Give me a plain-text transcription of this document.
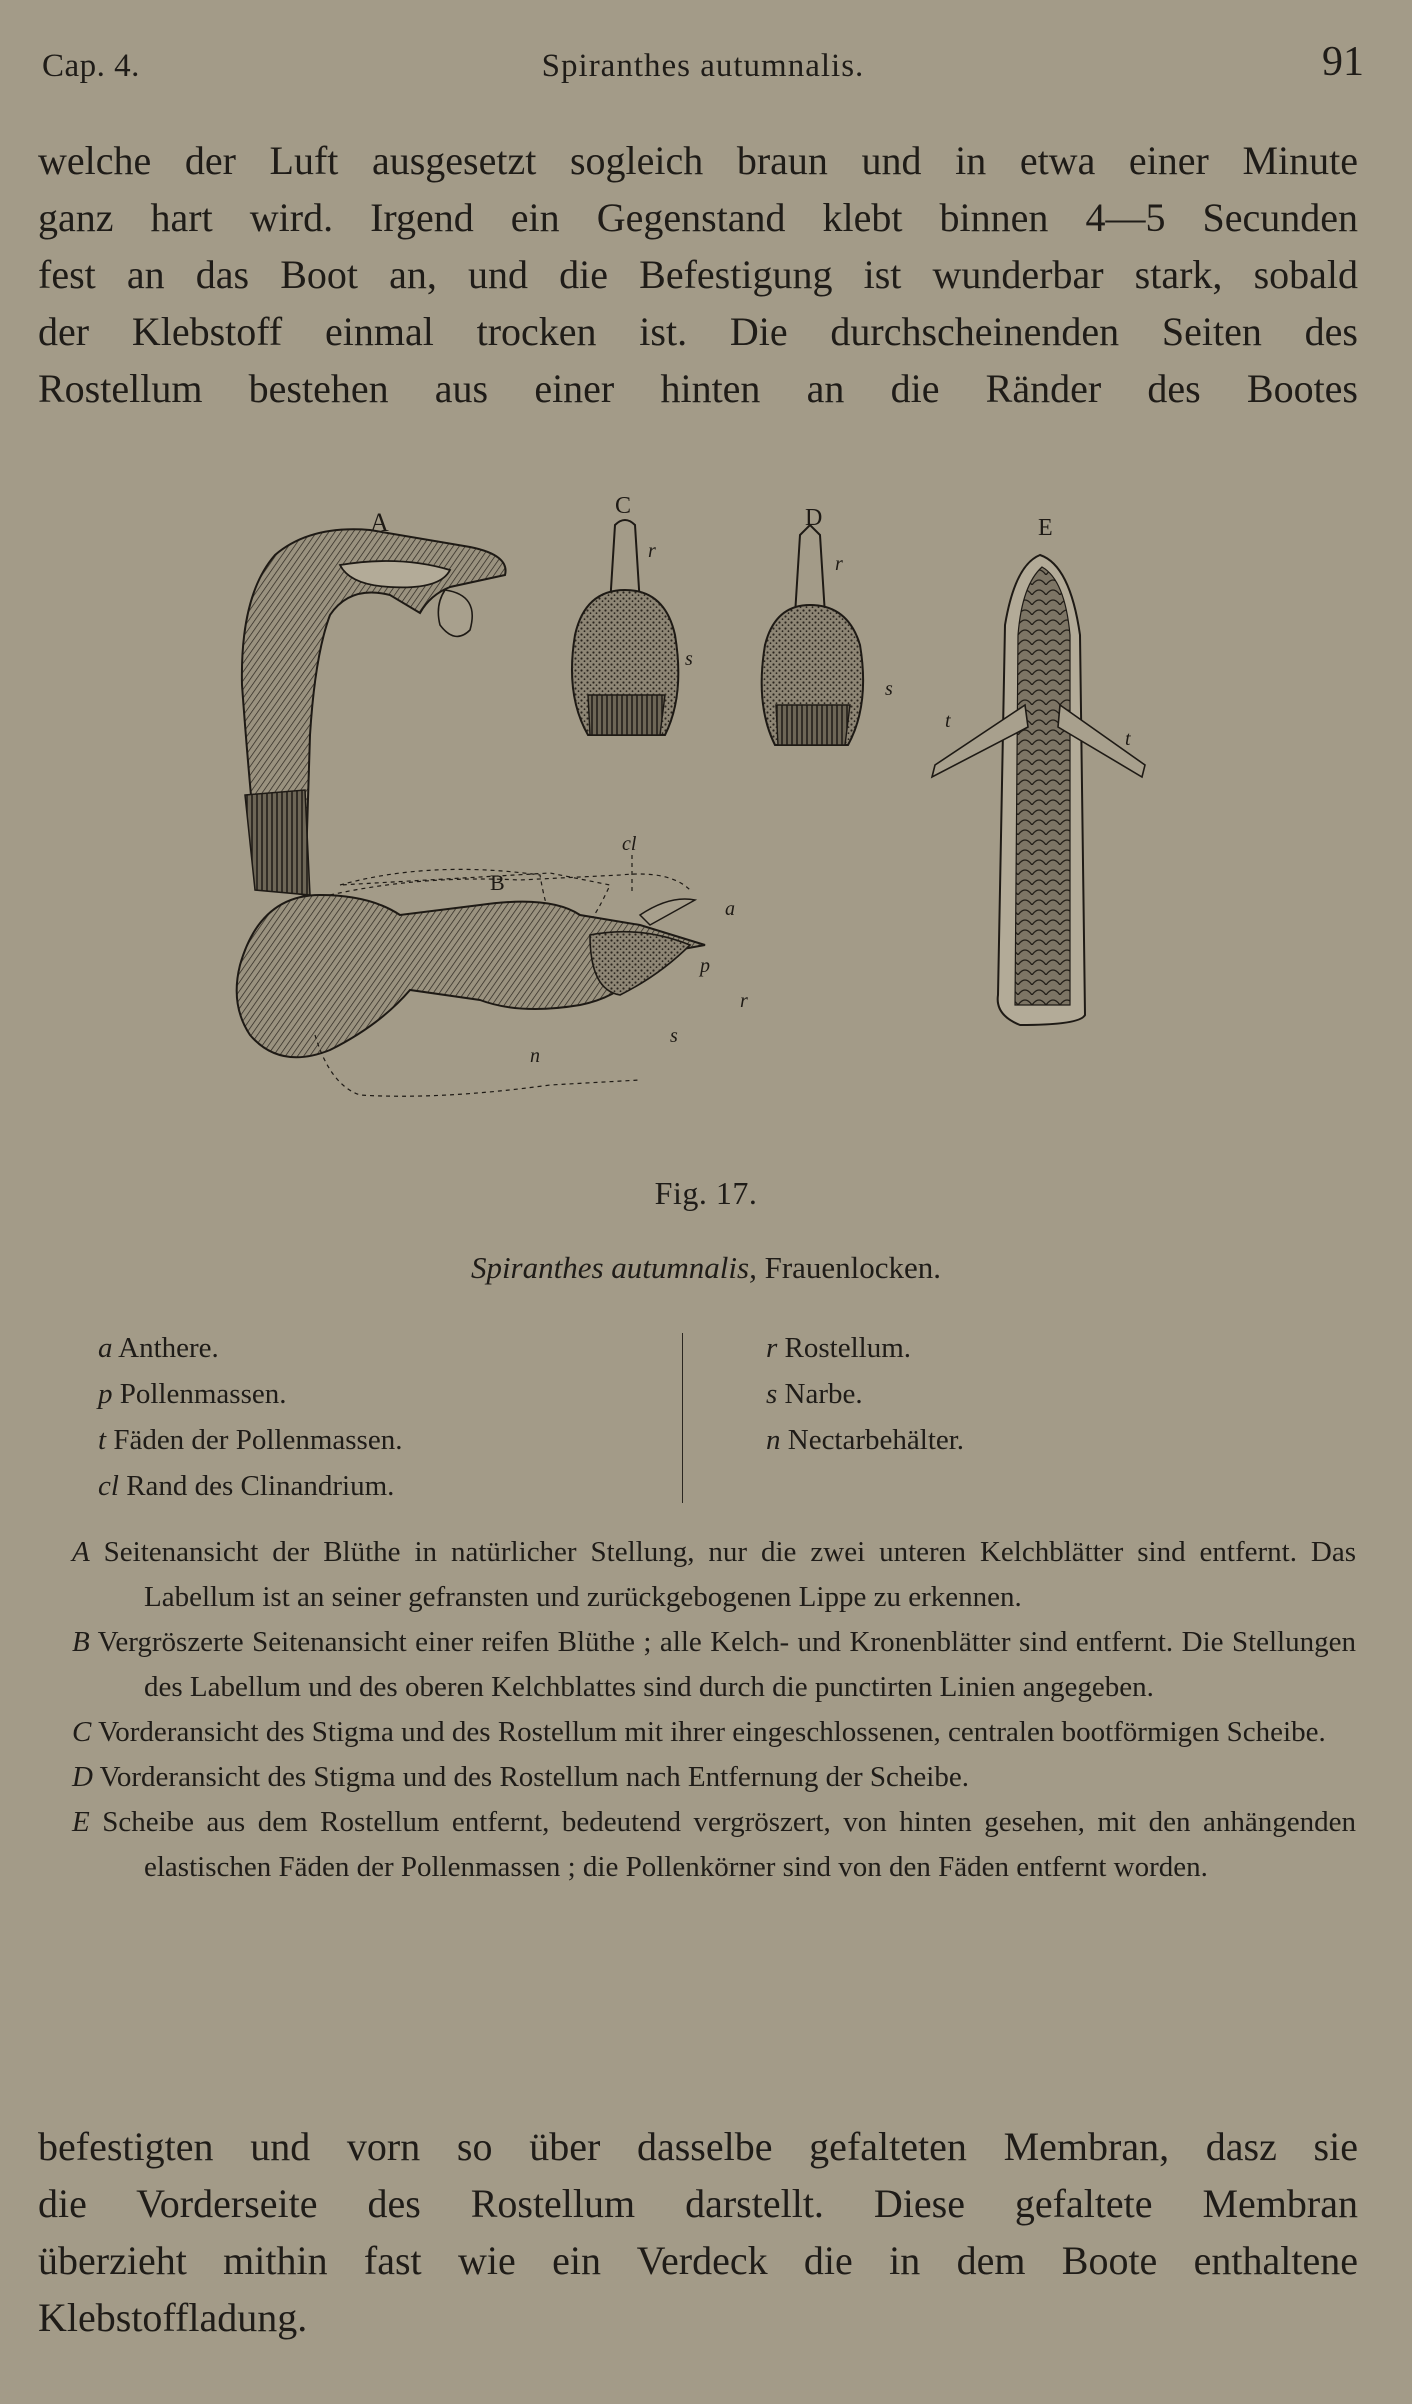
Cap. 4.	Spiranthes autumnalis.	91
welche der Luft ausgesetzt sogleich braun und in etwa einer Minute
ganz hart wird. Irgend ein Gegenstand klebt binnen 4—5 Secunden
fest an das Boot an, und die Befestigung ist wunderbar stark, sobald
der Klebstoff einmal trocken ist. Die durchscheinenden Seiten des
Rostellum bestehen aus einer hinten an die Ränder des Bootes
A
C
r
s
D
r
s
E
t
t
B
cl
a
p
r
s
n
Fig. 17.
Spiranthes autumnalis, Frauenlocken.
a Anthere.
p Pollenmassen.
t Fäden der Pollenmassen.
cl Rand des Clinandrium.
r Rostellum.
s Narbe.
n Nectarbehälter.

A Seitenansicht der Blüthe in natürlicher Stellung, nur die zwei unteren Kelchblätter sind entfernt. Das Labellum ist an seiner gefransten und zurückgebogenen Lippe zu erkennen.

B Vergröszerte Seitenansicht einer reifen Blüthe ; alle Kelch- und Kronenblätter sind entfernt. Die Stellungen des Labellum und des oberen Kelchblattes sind durch die punctirten Linien angegeben.

C Vorderansicht des Stigma und des Rostellum mit ihrer eingeschlossenen, centralen bootförmigen Scheibe.

D Vorderansicht des Stigma und des Rostellum nach Entfernung der Scheibe.

E Scheibe aus dem Rostellum entfernt, bedeutend vergröszert, von hinten gesehen, mit den anhängenden elastischen Fäden der Pollenmassen ; die Pollenkörner sind von den Fäden entfernt worden.

befestigten und vorn so über dasselbe gefalteten Membran, dasz sie
die Vorderseite des Rostellum darstellt. Diese gefaltete Membran
überzieht mithin fast wie ein Verdeck die in dem Boote enthaltene
Klebstoffladung.
